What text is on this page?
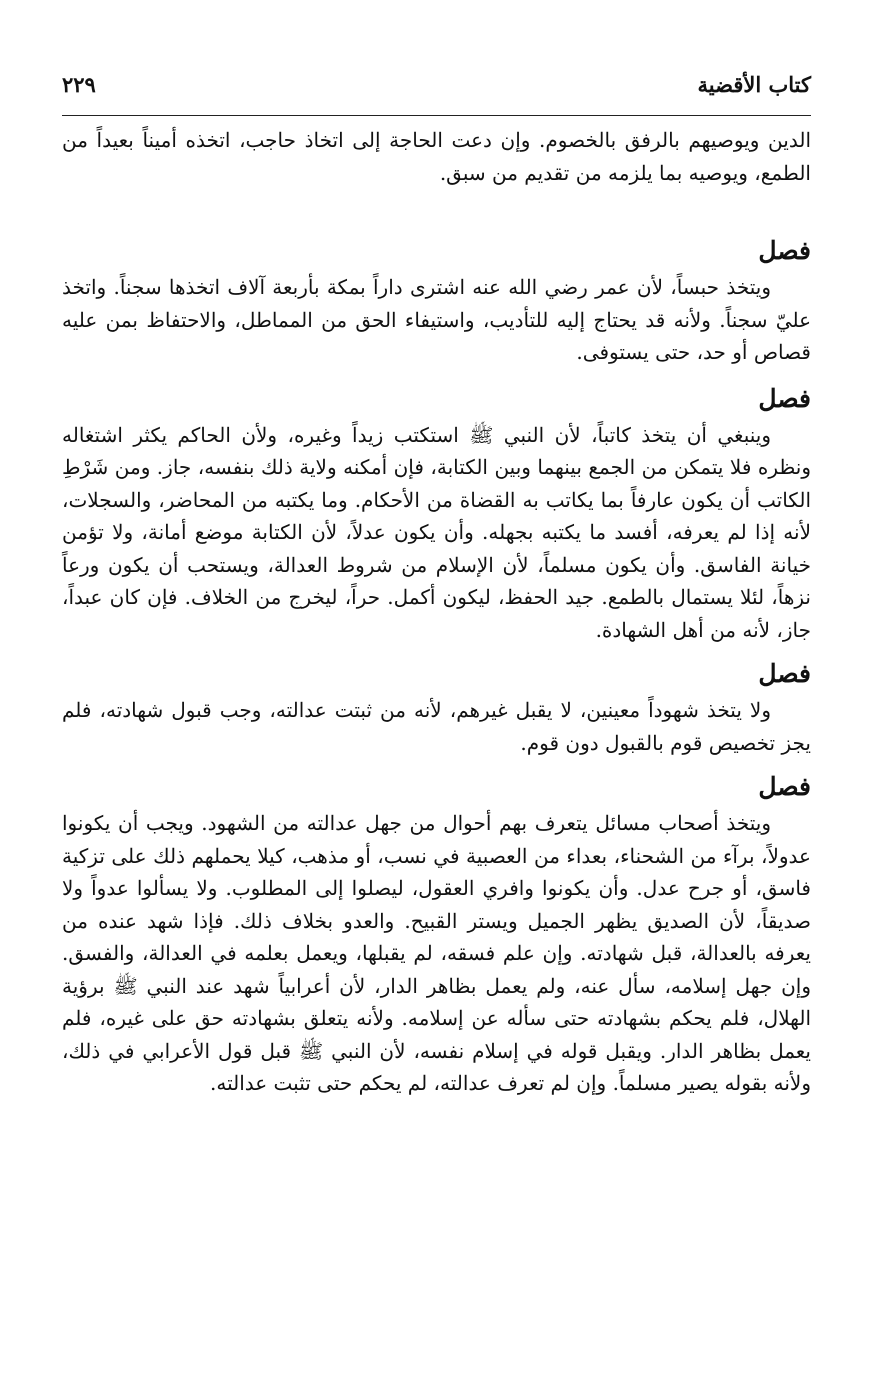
كتاب الأقضية
٢٢٩

الدين ويوصيهم بالرفق بالخصوم. وإن دعت الحاجة إلى اتخاذ حاجب، اتخذه أميناً بعيداً من الطمع، ويوصيه بما يلزمه من تقديم من سبق.

فصل

ويتخذ حبساً، لأن عمر رضي الله عنه اشترى داراً بمكة بأربعة آلاف اتخذها سجناً. واتخذ عليّ سجناً. ولأنه قد يحتاج إليه للتأديب، واستيفاء الحق من المماطل، والاحتفاظ بمن عليه قصاص أو حد، حتى يستوفى.

فصل

وينبغي أن يتخذ كاتباً، لأن النبي ﷺ استكتب زيداً وغيره، ولأن الحاكم يكثر اشتغاله ونظره فلا يتمكن من الجمع بينهما وبين الكتابة، فإن أمكنه ولاية ذلك بنفسه، جاز. ومن شَرْطِ الكاتب أن يكون عارفاً بما يكاتب به القضاة من الأحكام. وما يكتبه من المحاضر، والسجلات، لأنه إذا لم يعرفه، أفسد ما يكتبه بجهله. وأن يكون عدلاً، لأن الكتابة موضع أمانة، ولا تؤمن خيانة الفاسق. وأن يكون مسلماً، لأن الإسلام من شروط العدالة، ويستحب أن يكون ورعاً نزهاً، لئلا يستمال بالطمع. جيد الحفظ، ليكون أكمل. حراً، ليخرج من الخلاف. فإن كان عبداً، جاز، لأنه من أهل الشهادة.

فصل

ولا يتخذ شهوداً معينين، لا يقبل غيرهم، لأنه من ثبتت عدالته، وجب قبول شهادته، فلم يجز تخصيص قوم بالقبول دون قوم.

فصل

ويتخذ أصحاب مسائل يتعرف بهم أحوال من جهل عدالته من الشهود. ويجب أن يكونوا عدولاً، برآء من الشحناء، بعداء من العصبية في نسب، أو مذهب، كيلا يحملهم ذلك على تزكية فاسق، أو جرح عدل. وأن يكونوا وافري العقول، ليصلوا إلى المطلوب. ولا يسألوا عدواً ولا صديقاً، لأن الصديق يظهر الجميل ويستر القبيح. والعدو بخلاف ذلك. فإذا شهد عنده من يعرفه بالعدالة، قبل شهادته. وإن علم فسقه، لم يقبلها، ويعمل بعلمه في العدالة، والفسق. وإن جهل إسلامه، سأل عنه، ولم يعمل بظاهر الدار، لأن أعرابياً شهد عند النبي ﷺ برؤية الهلال، فلم يحكم بشهادته حتى سأله عن إسلامه. ولأنه يتعلق بشهادته حق على غيره، فلم يعمل بظاهر الدار. ويقبل قوله في إسلام نفسه، لأن النبي ﷺ قبل قول الأعرابي في ذلك، ولأنه بقوله يصير مسلماً. وإن لم تعرف عدالته، لم يحكم حتى تثبت عدالته.
